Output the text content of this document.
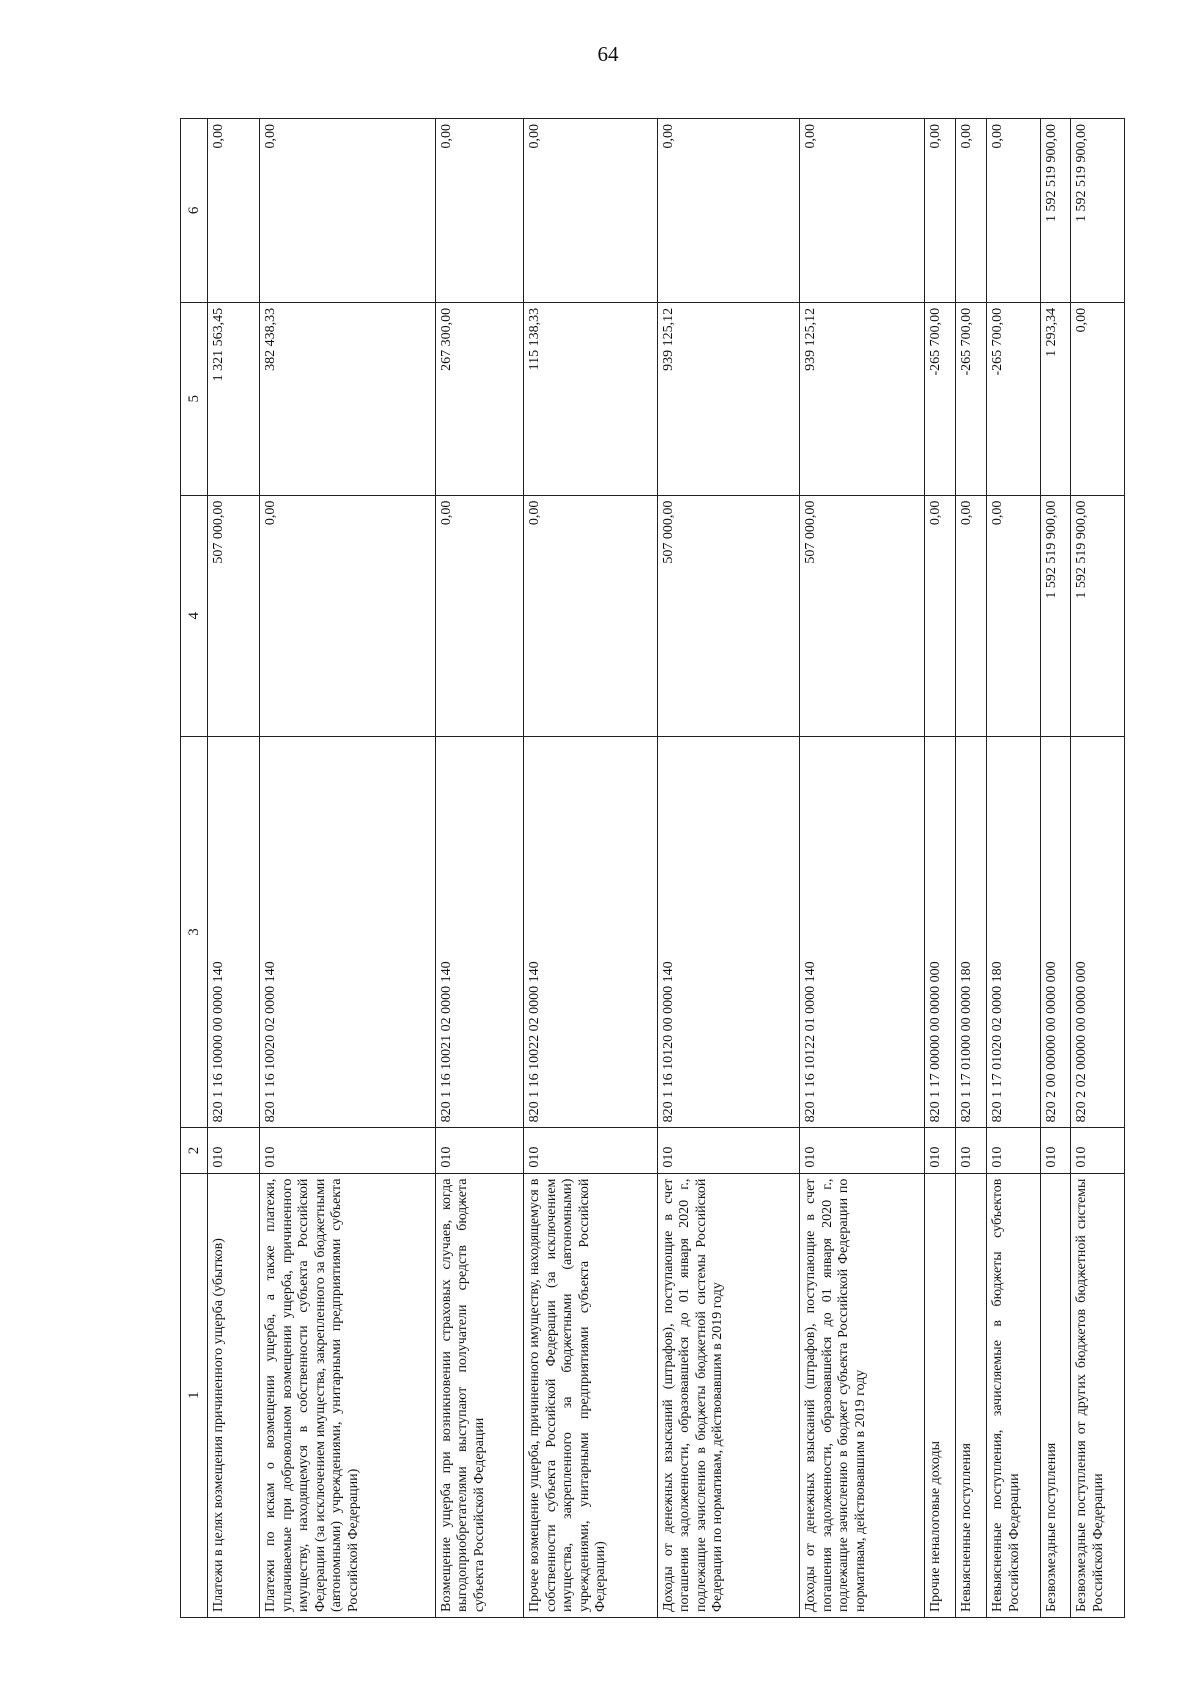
64
1	2	3	4	5	6
Платежи в целях возмещения причиненного ущерба (убытков)	010	820 1 16 10000 00 0000 140	507 000,00	1 321 563,45	0,00
Платежи по искам о возмещении ущерба, а также платежи, уплачиваемые при добровольном возмещении ущерба, причиненного имуществу, находящемуся в собственности субъекта Российской Федерации (за исключением имущества, закрепленного за бюджетными (автономными) учреждениями, унитарными предприятиями субъекта Российской Федерации)	010	820 1 16 10020 02 0000 140	0,00	382 438,33	0,00
Возмещение ущерба при возникновении страховых случаев, когда выгодоприобретателями выступают получатели средств бюджета субъекта Российской Федерации	010	820 1 16 10021 02 0000 140	0,00	267 300,00	0,00
Прочее возмещение ущерба, причиненного имуществу, находящемуся в собственности субъекта Российской Федерации (за исключением имущества, закрепленного за бюджетными (автономными) учреждениями, унитарными предприятиями субъекта Российской Федерации)	010	820 1 16 10022 02 0000 140	0,00	115 138,33	0,00
Доходы от денежных взысканий (штрафов), поступающие в счет погашения задолженности, образовавшейся до 01 января 2020 г., подлежащие зачислению в бюджеты бюджетной системы Российской Федерации по нормативам, действовавшим в 2019 году	010	820 1 16 10120 00 0000 140	507 000,00	939 125,12	0,00
Доходы от денежных взысканий (штрафов), поступающие в счет погашения задолженности, образовавшейся до 01 января 2020 г., подлежащие зачислению в бюджет субъекта Российской Федерации по нормативам, действовавшим в 2019 году	010	820 1 16 10122 01 0000 140	507 000,00	939 125,12	0,00
Прочие неналоговые доходы	010	820 1 17 00000 00 0000 000	0,00	-265 700,00	0,00
Невыясненные поступления	010	820 1 17 01000 00 0000 180	0,00	-265 700,00	0,00
Невыясненные поступления, зачисляемые в бюджеты субъектов Российской Федерации	010	820 1 17 01020 02 0000 180	0,00	-265 700,00	0,00
Безвозмездные поступления	010	820 2 00 00000 00 0000 000	1 592 519 900,00	1 293,34	1 592 519 900,00
Безвозмездные поступления от других бюджетов бюджетной системы Российской Федерации	010	820 2 02 00000 00 0000 000	1 592 519 900,00	0,00	1 592 519 900,00
